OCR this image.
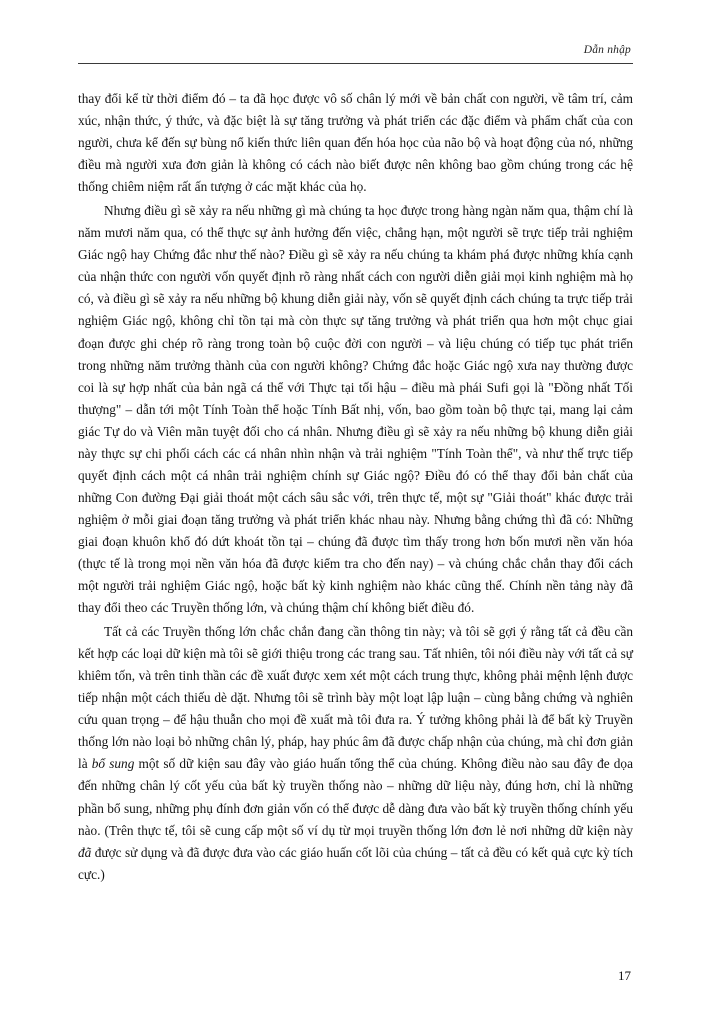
Dẫn nhập

thay đổi kể từ thời điểm đó – ta đã học được vô số chân lý mới về bản chất con người, về tâm trí, cảm xúc, nhận thức, ý thức, và đặc biệt là sự tăng trưởng và phát triển các đặc điểm và phẩm chất của con người, chưa kể đến sự bùng nổ kiến thức liên quan đến hóa học của não bộ và hoạt động của nó, những điều mà người xưa đơn giản là không có cách nào biết được nên không bao gồm chúng trong các hệ thống chiêm niệm rất ấn tượng ở các mặt khác của họ.

Nhưng điều gì sẽ xảy ra nếu những gì mà chúng ta học được trong hàng ngàn năm qua, thậm chí là năm mươi năm qua, có thể thực sự ảnh hưởng đến việc, chẳng hạn, một người sẽ trực tiếp trải nghiệm Giác ngộ hay Chứng đắc như thế nào? Điều gì sẽ xảy ra nếu chúng ta khám phá được những khía cạnh của nhận thức con người vốn quyết định rõ ràng nhất cách con người diễn giải mọi kinh nghiệm mà họ có, và điều gì sẽ xảy ra nếu những bộ khung diễn giải này, vốn sẽ quyết định cách chúng ta trực tiếp trải nghiệm Giác ngộ, không chỉ tồn tại mà còn thực sự tăng trưởng và phát triển qua hơn một chục giai đoạn được ghi chép rõ ràng trong toàn bộ cuộc đời con người – và liệu chúng có tiếp tục phát triển trong những năm trưởng thành của con người không? Chứng đắc hoặc Giác ngộ xưa nay thường được coi là sự hợp nhất của bản ngã cá thể với Thực tại tối hậu – điều mà phái Sufi gọi là "Đồng nhất Tối thượng" – dẫn tới một Tính Toàn thể hoặc Tính Bất nhị, vốn, bao gồm toàn bộ thực tại, mang lại cảm giác Tự do và Viên mãn tuyệt đối cho cá nhân. Nhưng điều gì sẽ xảy ra nếu những bộ khung diễn giải này thực sự chi phối cách các cá nhân nhìn nhận và trải nghiệm "Tính Toàn thể", và như thế trực tiếp quyết định cách một cá nhân trải nghiệm chính sự Giác ngộ? Điều đó có thể thay đổi bản chất của những Con đường Đại giải thoát một cách sâu sắc với, trên thực tế, một sự "Giải thoát" khác được trải nghiệm ở mỗi giai đoạn tăng trưởng và phát triển khác nhau này. Nhưng bằng chứng thì đã có: Những giai đoạn khuôn khổ đó dứt khoát tồn tại – chúng đã được tìm thấy trong hơn bốn mươi nền văn hóa (thực tế là trong mọi nền văn hóa đã được kiểm tra cho đến nay) – và chúng chắc chắn thay đổi cách một người trải nghiệm Giác ngộ, hoặc bất kỳ kinh nghiệm nào khác cũng thế. Chính nền tảng này đã thay đổi theo các Truyền thống lớn, và chúng thậm chí không biết điều đó.

Tất cả các Truyền thống lớn chắc chắn đang cần thông tin này; và tôi sẽ gợi ý rằng tất cả đều cần kết hợp các loại dữ kiện mà tôi sẽ giới thiệu trong các trang sau. Tất nhiên, tôi nói điều này với tất cả sự khiêm tốn, và trên tinh thần các đề xuất được xem xét một cách trung thực, không phải mệnh lệnh được tiếp nhận một cách thiếu dè dặt. Nhưng tôi sẽ trình bày một loạt lập luận – cùng bằng chứng và nghiên cứu quan trọng – để hậu thuẫn cho mọi đề xuất mà tôi đưa ra. Ý tưởng không phải là để bất kỳ Truyền thống lớn nào loại bỏ những chân lý, pháp, hay phúc âm đã được chấp nhận của chúng, mà chỉ đơn giản là bổ sung một số dữ kiện sau đây vào giáo huấn tổng thể của chúng. Không điều nào sau đây đe dọa đến những chân lý cốt yếu của bất kỳ truyền thống nào – những dữ liệu này, đúng hơn, chỉ là những phần bổ sung, những phụ đính đơn giản vốn có thể được dễ dàng đưa vào bất kỳ truyền thống chính yếu nào. (Trên thực tế, tôi sẽ cung cấp một số ví dụ từ mọi truyền thống lớn đơn lẻ nơi những dữ kiện này đã được sử dụng và đã được đưa vào các giáo huấn cốt lõi của chúng – tất cả đều có kết quả cực kỳ tích cực.)

17
